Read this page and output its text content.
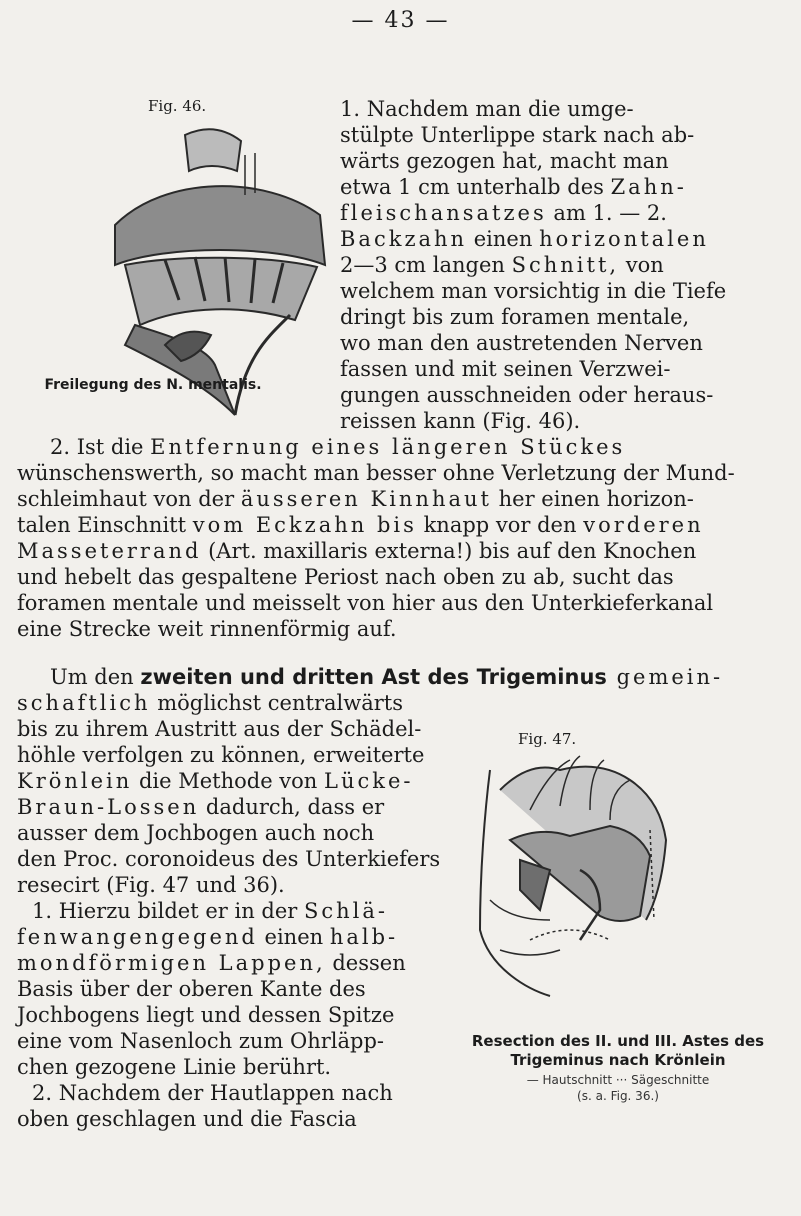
— 43 —
Fig. 46.
Freilegung des N. mentalis.
1. Nachdem man die umge-
stülpte Unterlippe stark nach ab-
wärts gezogen hat, macht man
etwa 1 cm unterhalb des Zahn-
fleischansatzes am 1. — 2.
Backzahn einen horizontalen
2—3 cm langen Schnitt, von
welchem man vorsichtig in die Tiefe
dringt bis zum foramen mentale,
wo man den austretenden Nerven
fassen und mit seinen Verzwei-
gungen ausschneiden oder heraus-
reissen kann (Fig. 46).
2. Ist die Entfernung eines längeren Stückes
wünschenswerth, so macht man besser ohne Verletzung der Mund-
schleimhaut von der äusseren Kinnhaut her einen horizon-
talen Einschnitt vom Eckzahn bis knapp vor den vorderen
Masseterrand (Art. maxillaris externa!) bis auf den Knochen
und hebelt das gespaltene Periost nach oben zu ab, sucht das
foramen mentale und meisselt von hier aus den Unterkieferkanal
eine Strecke weit rinnenförmig auf.
Um den zweiten und dritten Ast des Trigeminus gemein-
schaftlich möglichst centralwärts
bis zu ihrem Austritt aus der Schädel-
höhle verfolgen zu können, erweiterte
Krönlein die Methode von Lücke-
Braun-Lossen dadurch, dass er
ausser dem Jochbogen auch noch
den Proc. coronoideus des Unterkiefers
resecirt (Fig. 47 und 36).
1. Hierzu bildet er in der Schlä-
fenwangengegend einen halb-
mondförmigen Lappen, dessen
Basis über der oberen Kante des
Jochbogens liegt und dessen Spitze
eine vom Nasenloch zum Ohrläpp-
chen gezogene Linie berührt.
2. Nachdem der Hautlappen nach
oben geschlagen und die Fascia
Fig. 47.
Resection des II. und III. Astes des
Trigeminus nach Krönlein
— Hautschnitt ··· Sägeschnitte
(s. a. Fig. 36.)
